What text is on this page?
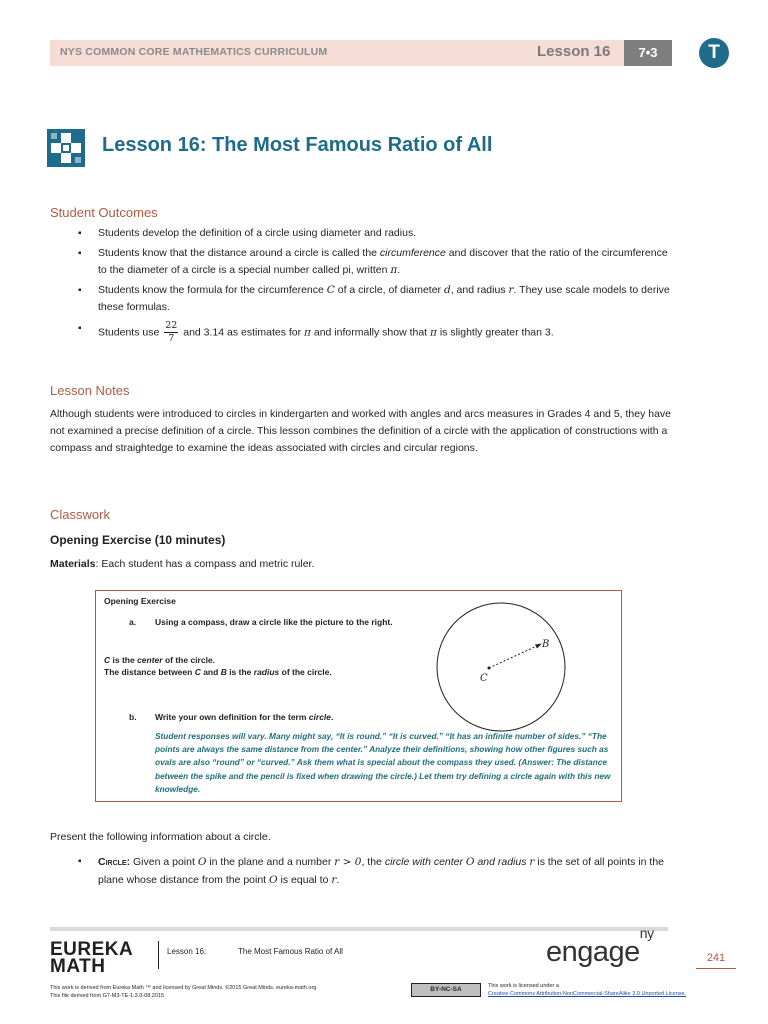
NYS COMMON CORE MATHEMATICS CURRICULUM	Lesson 16	7•3	T
Lesson 16: The Most Famous Ratio of All
Student Outcomes
▪ Students develop the definition of a circle using diameter and radius.
▪ Students know that the distance around a circle is called the circumference and discover that the ratio of the circumference to the diameter of a circle is a special number called pi, written π.
▪ Students know the formula for the circumference C of a circle, of diameter d, and radius r. They use scale models to derive these formulas.
▪ Students use $\frac{22}{7}$ and 3.14 as estimates for π and informally show that π is slightly greater than 3.
Lesson Notes
Although students were introduced to circles in kindergarten and worked with angles and arcs measures in Grades 4 and 5, they have not examined a precise definition of a circle. This lesson combines the definition of a circle with the application of constructions with a compass and straightedge to examine the ideas associated with circles and circular regions.
Classwork
Opening Exercise (10 minutes)
Materials: Each student has a compass and metric ruler.
Opening Exercise
a. Using a compass, draw a circle like the picture to the right.
C is the center of the circle.
The distance between C and B is the radius of the circle.
b. Write your own definition for the term circle.
Student responses will vary. Many might say, “It is round.” “It is curved.” “It has an infinite number of sides.” “The points are always the same distance from the center.” Analyze their definitions, showing how other figures such as ovals are also “round” or “curved.” Ask them what is special about the compass they used. (Answer: The distance between the spike and the pencil is fixed when drawing the circle.) Let them try defining a circle again with this new knowledge.
B
C
Present the following information about a circle.
▪ Circle: Given a point O in the plane and a number r > 0, the circle with center O and radius r is the set of all points in the plane whose distance from the point O is equal to r.
EUREKA
MATH
Lesson 16:	The Most Famous Ratio of All	engage$^{ny}$
241
This work is derived from Eureka Math ™ and licensed by Great Minds. ©2015 Great Minds. eureka-math.org
This file derived from G7-M3-TE-1.3.0-08.2015
BY-NC-SA	This work is licensed under a
Creative Commons Attribution-NonCommercial-ShareAlike 3.0 Unported License.
